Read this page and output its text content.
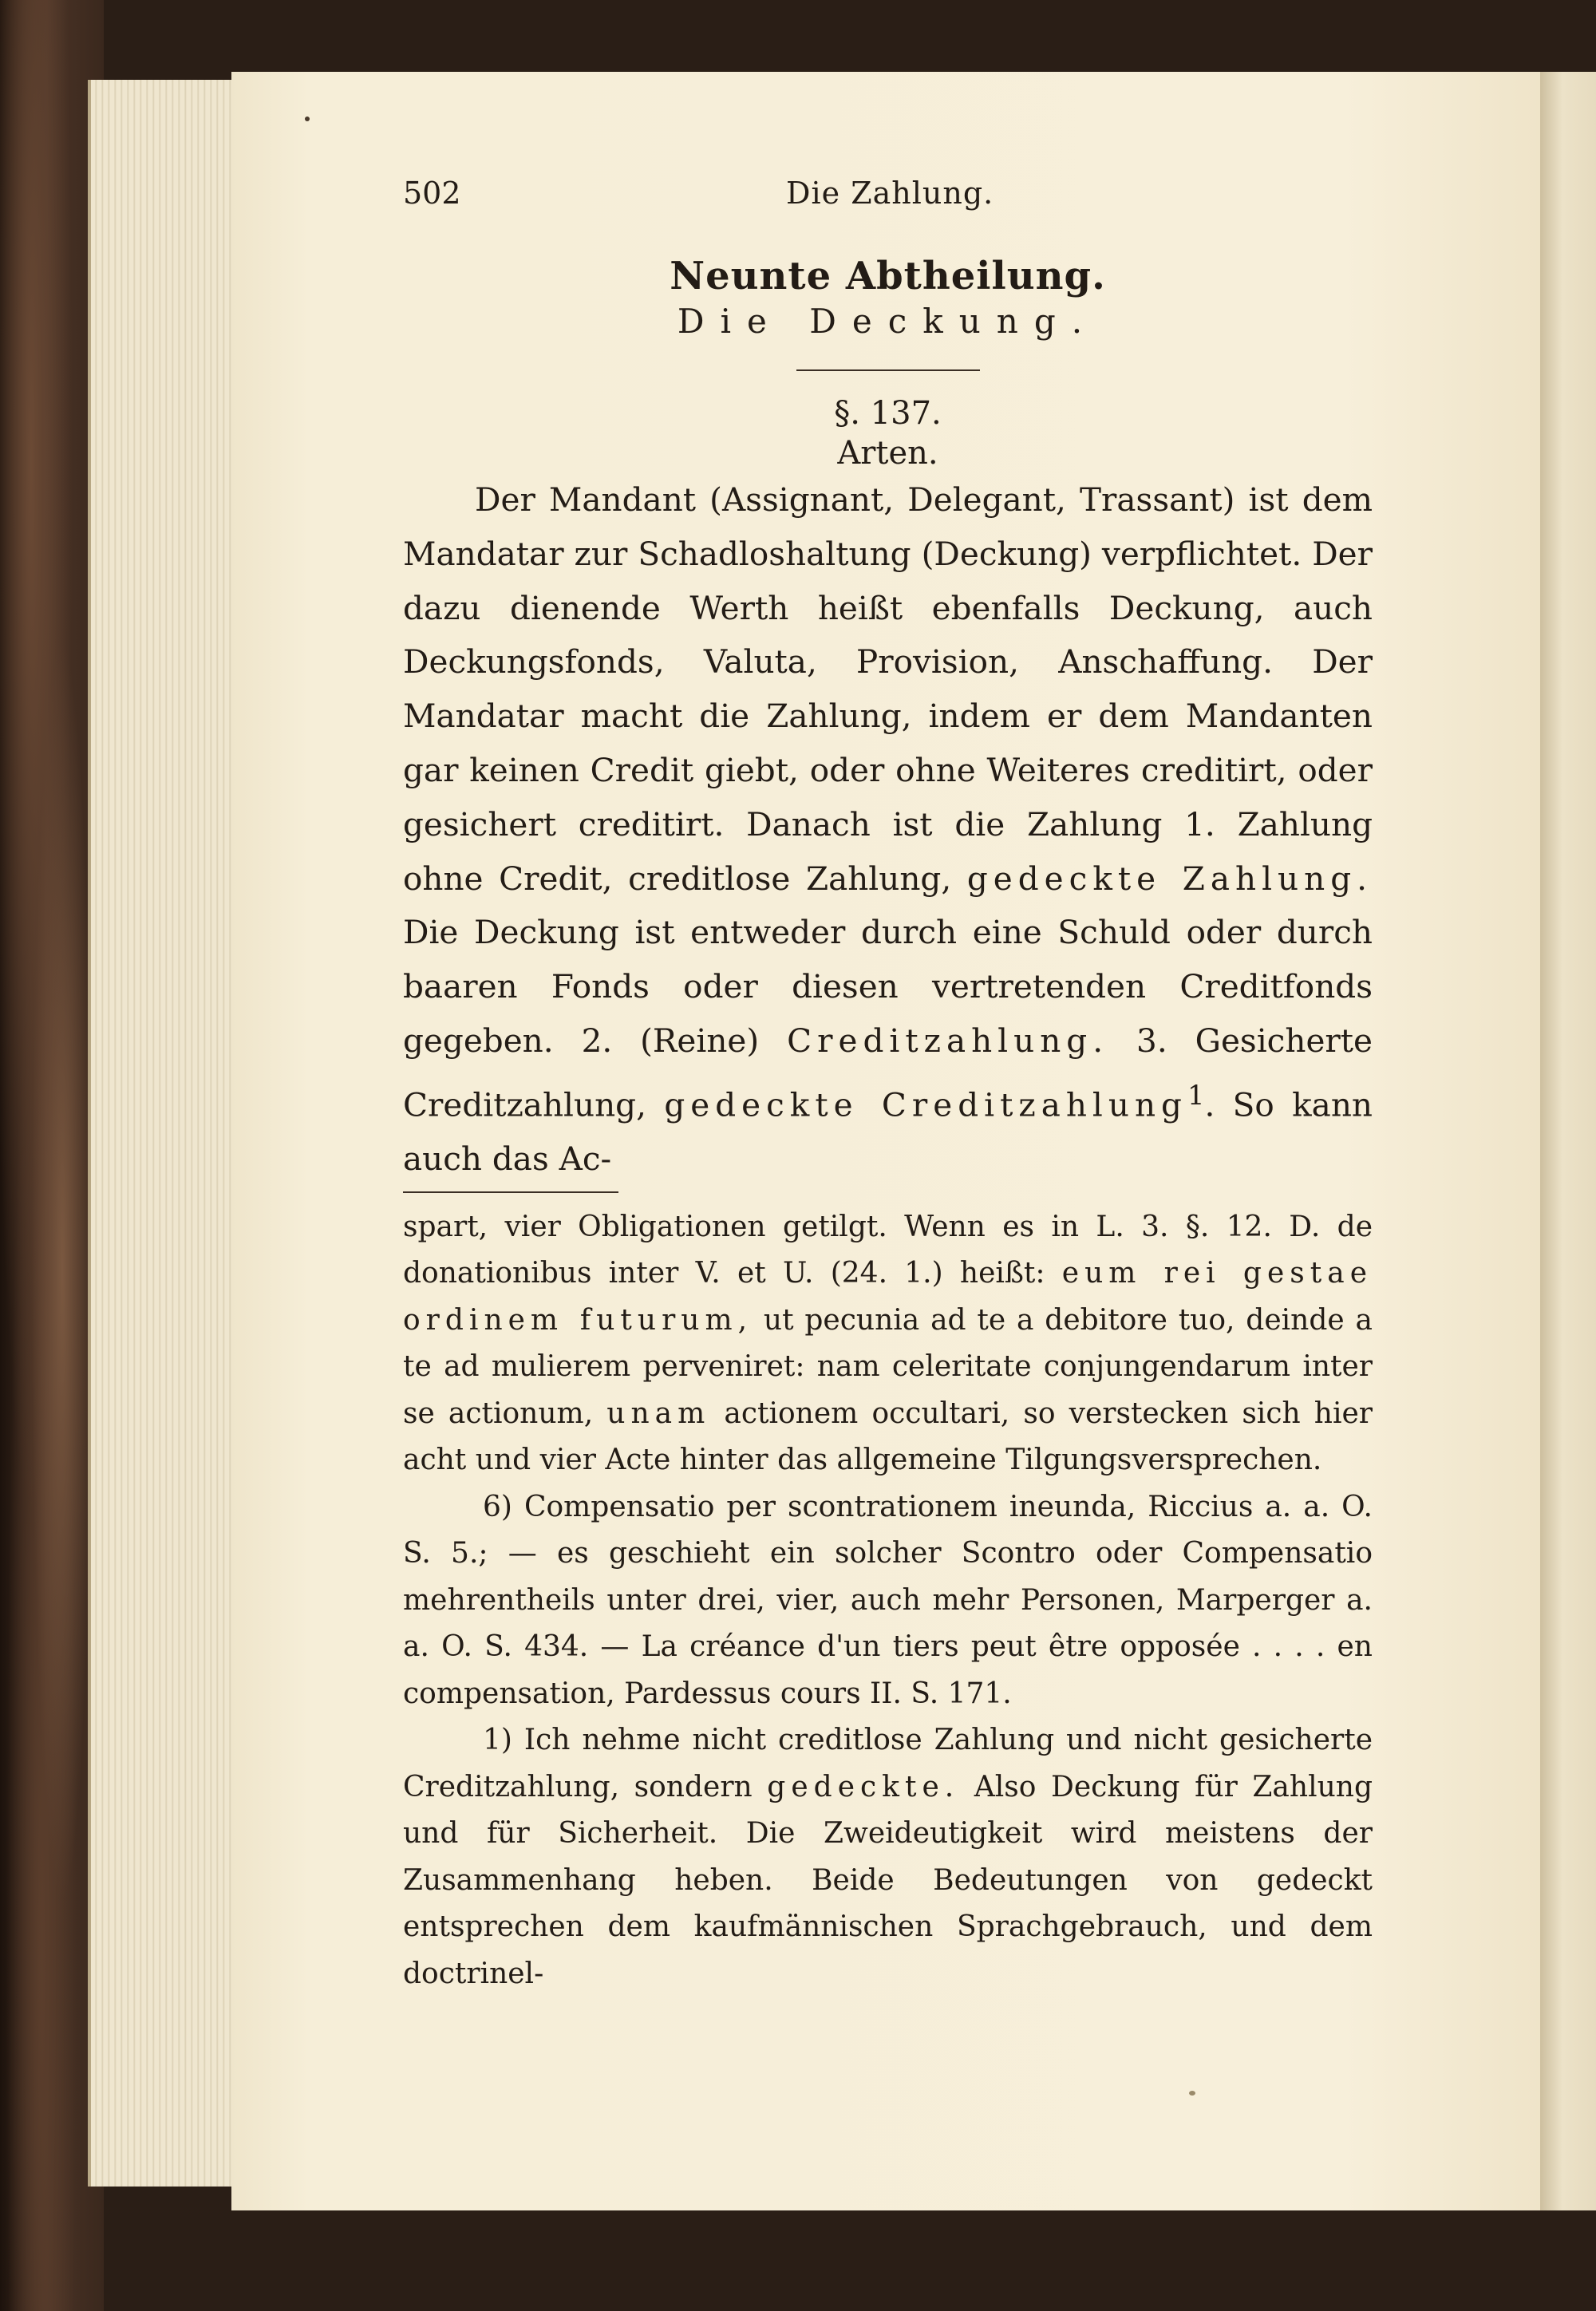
502	Die Zahlung.
Neunte Abtheilung.
Die Deckung.
§. 137.
Arten.

Der Mandant (Assignant, Delegant, Trassant) ist dem Mandatar zur Schadloshaltung (Deckung) verpflichtet. Der dazu dienende Werth heißt ebenfalls Deckung, auch Deckungsfonds, Valuta, Provision, Anschaffung. Der Mandatar macht die Zahlung, indem er dem Mandanten gar keinen Credit giebt, oder ohne Weiteres creditirt, oder gesichert creditirt. Danach ist die Zahlung 1. Zahlung ohne Credit, creditlose Zahlung, gedeckte Zahlung. Die Deckung ist entweder durch eine Schuld oder durch baaren Fonds oder diesen vertretenden Creditfonds gegeben. 2. (Reine) Creditzahlung. 3. Gesicherte Creditzahlung, gedeckte Creditzahlung$^1$. So kann auch das Ac-

spart, vier Obligationen getilgt. Wenn es in L. 3. §. 12. D. de donationibus inter V. et U. (24. 1.) heißt: eum rei gestae ordinem futurum, ut pecunia ad te a debitore tuo, deinde a te ad mulierem perveniret: nam celeritate conjungendarum inter se actionum, unam actionem occultari, so verstecken sich hier acht und vier Acte hinter das allgemeine Tilgungsversprechen.

6) Compensatio per scontrationem ineunda, Riccius a. a. O. S. 5.; — es geschieht ein solcher Scontro oder Compensatio mehrentheils unter drei, vier, auch mehr Personen, Marperger a. a. O. S. 434. — La créance d'un tiers peut être opposée . . . . en compensation, Pardessus cours II. S. 171.

1) Ich nehme nicht creditlose Zahlung und nicht gesicherte Creditzahlung, sondern gedeckte. Also Deckung für Zahlung und für Sicherheit. Die Zweideutigkeit wird meistens der Zusammenhang heben. Beide Bedeutungen von gedeckt entsprechen dem kaufmännischen Sprachgebrauch, und dem doctrinel-
